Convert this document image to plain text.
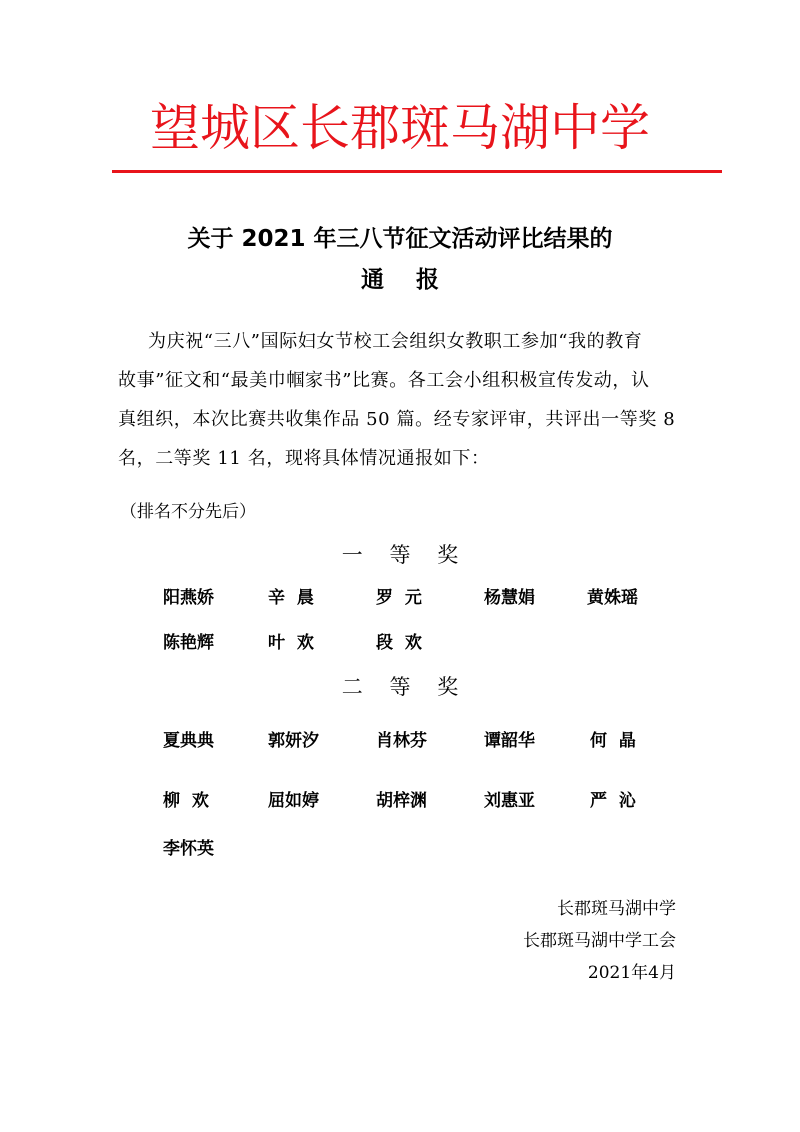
望城区长郡斑马湖中学
关于 2021 年三八节征文活动评比结果的
通    报

为庆祝“三八”国际妇女节校工会组织女教职工参加“我的教育

故事”征文和“最美巾帼家书”比赛。各工会小组积极宣传发动，认

真组织，本次比赛共收集作品 50 篇。经专家评审，共评出一等奖 8

名，二等奖 11 名，现将具体情况通报如下：

（排名不分先后）
一    等    奖
阳燕娇	辛  晨	罗  元	杨慧娟	黄姝瑶
陈艳辉	叶  欢	段  欢
二    等    奖
夏典典	郭妍汐	肖林芬	谭韶华	何  晶
柳  欢	屈如婷	胡梓渊	刘惠亚	严  沁
李怀英
长郡斑马湖中学
长郡斑马湖中学工会
2021年4月
